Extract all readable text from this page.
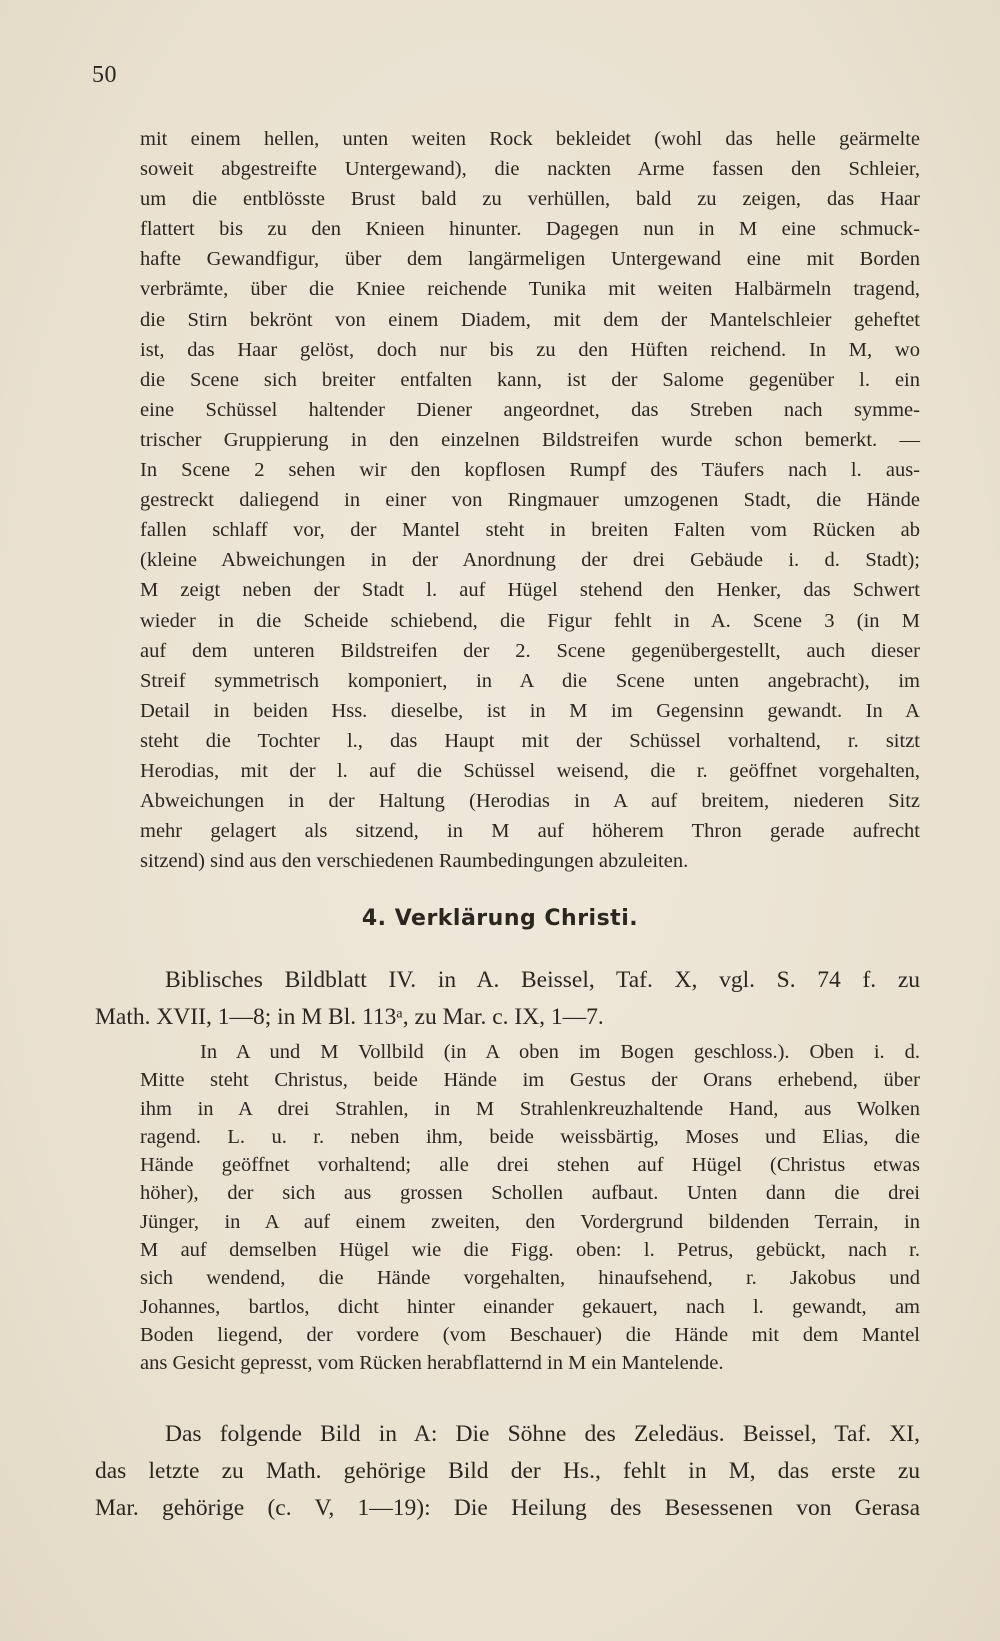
50
mit einem hellen, unten weiten Rock bekleidet (wohl das helle geärmelte
soweit abgestreifte Untergewand), die nackten Arme fassen den Schleier,
um die entblösste Brust bald zu verhüllen, bald zu zeigen, das Haar
flattert bis zu den Knieen hinunter. Dagegen nun in M eine schmuck-
hafte Gewandfigur, über dem langärmeligen Untergewand eine mit Borden
verbrämte, über die Kniee reichende Tunika mit weiten Halbärmeln tragend,
die Stirn bekrönt von einem Diadem, mit dem der Mantelschleier geheftet
ist, das Haar gelöst, doch nur bis zu den Hüften reichend. In M, wo
die Scene sich breiter entfalten kann, ist der Salome gegenüber l. ein
eine Schüssel haltender Diener angeordnet, das Streben nach symme-
trischer Gruppierung in den einzelnen Bildstreifen wurde schon bemerkt. —
In Scene 2 sehen wir den kopflosen Rumpf des Täufers nach l. aus-
gestreckt daliegend in einer von Ringmauer umzogenen Stadt, die Hände
fallen schlaff vor, der Mantel steht in breiten Falten vom Rücken ab
(kleine Abweichungen in der Anordnung der drei Gebäude i. d. Stadt);
M zeigt neben der Stadt l. auf Hügel stehend den Henker, das Schwert
wieder in die Scheide schiebend, die Figur fehlt in A. Scene 3 (in M
auf dem unteren Bildstreifen der 2. Scene gegenübergestellt, auch dieser
Streif symmetrisch komponiert, in A die Scene unten angebracht), im
Detail in beiden Hss. dieselbe, ist in M im Gegensinn gewandt. In A
steht die Tochter l., das Haupt mit der Schüssel vorhaltend, r. sitzt
Herodias, mit der l. auf die Schüssel weisend, die r. geöffnet vorgehalten,
Abweichungen in der Haltung (Herodias in A auf breitem, niederen Sitz
mehr gelagert als sitzend, in M auf höherem Thron gerade aufrecht
sitzend) sind aus den verschiedenen Raumbedingungen abzuleiten.
4. Verklärung Christi.
Biblisches Bildblatt IV. in A. Beissel, Taf. X, vgl. S. 74 f. zu
Math. XVII, 1—8; in M Bl. 113ᵃ, zu Mar. c. IX, 1—7.
In A und M Vollbild (in A oben im Bogen geschloss.). Oben i. d.
Mitte steht Christus, beide Hände im Gestus der Orans erhebend, über
ihm in A drei Strahlen, in M Strahlenkreuzhaltende Hand, aus Wolken
ragend. L. u. r. neben ihm, beide weissbärtig, Moses und Elias, die
Hände geöffnet vorhaltend; alle drei stehen auf Hügel (Christus etwas
höher), der sich aus grossen Schollen aufbaut. Unten dann die drei
Jünger, in A auf einem zweiten, den Vordergrund bildenden Terrain, in
M auf demselben Hügel wie die Figg. oben: l. Petrus, gebückt, nach r.
sich wendend, die Hände vorgehalten, hinaufsehend, r. Jakobus und
Johannes, bartlos, dicht hinter einander gekauert, nach l. gewandt, am
Boden liegend, der vordere (vom Beschauer) die Hände mit dem Mantel
ans Gesicht gepresst, vom Rücken herabflatternd in M ein Mantelende.
Das folgende Bild in A: Die Söhne des Zeledäus. Beissel, Taf. XI,
das letzte zu Math. gehörige Bild der Hs., fehlt in M, das erste zu
Mar. gehörige (c. V, 1—19): Die Heilung des Besessenen von Gerasa
